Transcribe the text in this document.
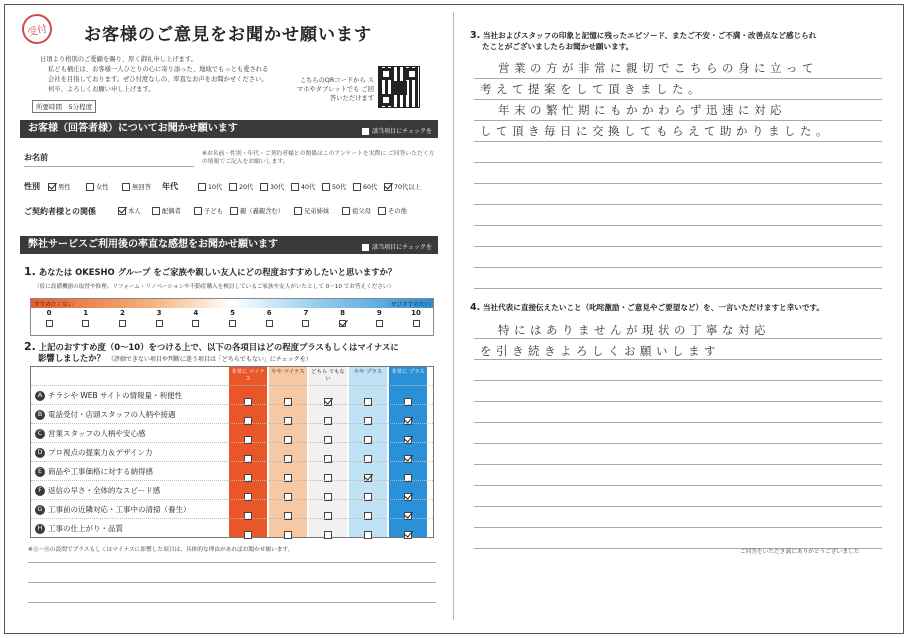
受付	お客様のご意見をお聞かせ願います
日頃より格別のご愛顧を賜り、厚く御礼申し上げます。
私ども桶庄は、お客様一人ひとりの心に寄り添った、地域でもっとも愛される
会社を目指しております。ぜひ忖度なしの、率直なお声をお聞かせください。
何卒、よろしくお願い申し上げます。
所要時間　5分程度
こちらのQRコードから スマホやタブレットでも ご回答いただけます
お客様（回答者様）についてお聞かせ願います	該当項目にチェックを
お名前	※お名前・性別・年代・ご契約者様との関係はこのアンケートを実際に ご回答いただく方の情報でご記入をお願いします。
性別	男性	女性	無回答 年代	10代	20代	30代	40代	50代	60代	70代以上
ご契約者様との関係	本人	配偶者	子ども	親（義親含む）	兄弟姉妹	祖父母	その他
弊社サービスご利用後の率直な感想をお聞かせ願います	該当項目にチェックを
1. あなたは OKESHO グループ をご家族や親しい友人にどの程度おすすめしたいと思いますか？
（仮に設備機器の取替や修理、リフォーム・リノベーションや不動産購入を検討しているご家族や友人がいたとして 0〜10 でお答えください）
すすめたくない	ぜひすすめたい
0	1	2	3	4	5	6	7	8	9	10
2. 上記のおすすめ度（0〜10）をつける上で、以下の各項目はどの程度プラスもしくはマイナスに
影響しましたか？ （評価できない項目や判断に迷う項目は「どちらでもない」にチェックを）
非常に マイナス
やや マイナス	どちら でもない
やや プラス	非常に プラス
A チラシや WEB サイトの情報量・利便性
B 電話受付・店頭スタッフの人柄や接遇
C 営業スタッフの人柄や安心感
D プロ視点の提案力＆デザイン力
E 商品や工事価格に対する納得感
F 返信の早さ・全体的なスピード感
G 工事前の近隣対応・工事中の清掃（養生）
H 工事の仕上がり・品質
※Ⓐ〜Ⓗの設問でプラスもしくはマイナスに影響した項目は、具体的な理由があればお聞かせ願います。
3. 当社およびスタッフの印象と記憶に残ったエピソード、またご不安・ご不満・改善点など感じられ
たことがございましたらお聞かせ願います。
営業の方が非常に親切でこちらの身に立って
考えて提案をして頂きました。
年末の繁忙期にもかかわらず迅速に対応
して頂き毎日に交換してもらえて助かりました。
4. 当社代表に直接伝えたいこと（叱咤激励・ご意見やご要望など）を、一言いただけますと幸いです。
特にはありませんが現状の丁寧な対応
を引き続きよろしくお願いします
ご回答をいただき誠にありがとうございました
